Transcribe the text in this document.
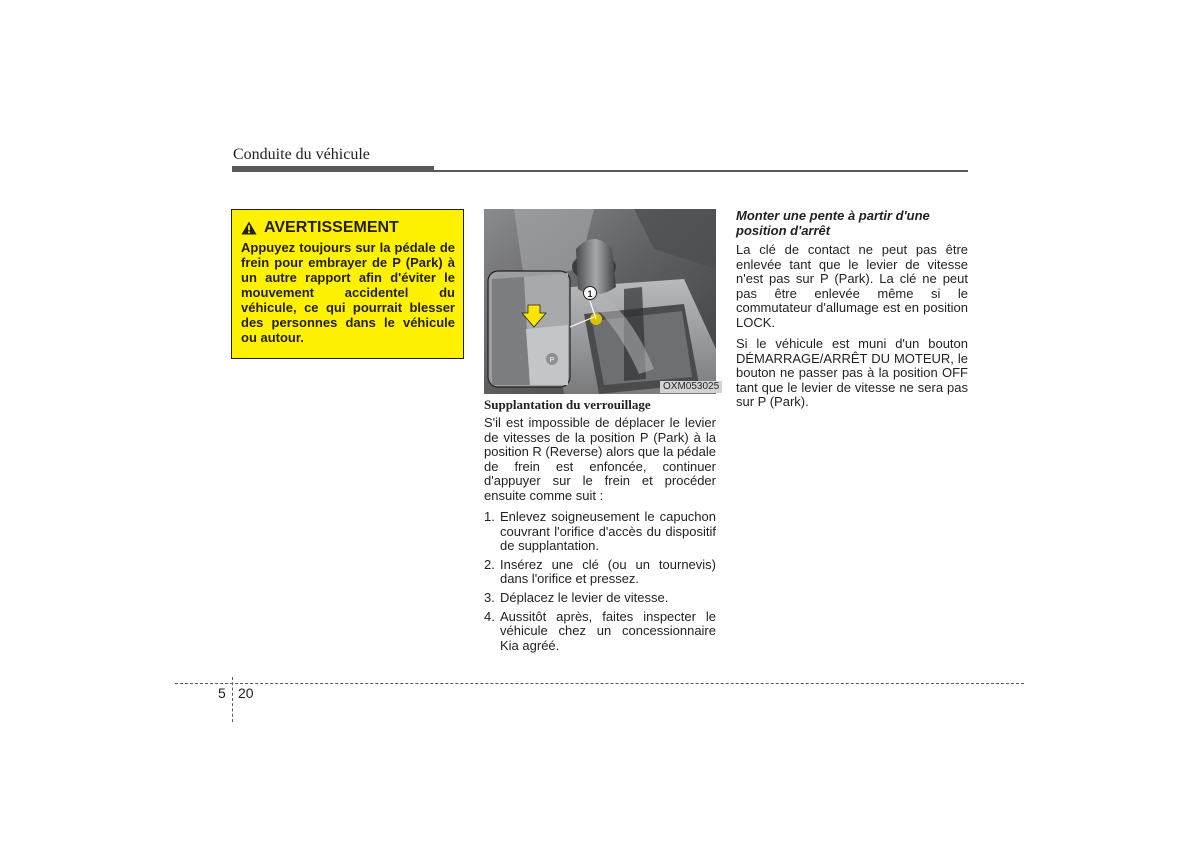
Conduite du véhicule
AVERTISSEMENT
Appuyez toujours sur la pédale de frein pour embrayer de P (Park) à un autre rapport afin d'éviter le mouvement accidentel du véhicule, ce qui pourrait blesser des personnes dans le véhicule ou autour.
1
P
OXM053025
Supplantation du verrouillage
S'il est impossible de déplacer le levier de vitesses de la position P (Park) à la position R (Reverse) alors que la pédale de frein est enfoncée, continuer d'appuyer sur le frein et procéder ensuite comme suit :
1. Enlevez soigneusement le capuchon couvrant l'orifice d'accès du dispositif de supplantation.
2. Insérez une clé (ou un tournevis) dans l'orifice et pressez.
3. Déplacez le levier de vitesse.
4. Aussitôt après, faites inspecter le véhicule chez un concessionnaire Kia agréé.
Monter une pente à partir d'une position d'arrêt
La clé de contact ne peut pas être enlevée tant que le levier de vitesse n'est pas sur P (Park). La clé ne peut pas être enlevée même si le commutateur d'allumage est en position LOCK.
Si le véhicule est muni d'un bouton DÉMARRAGE/ARRÊT DU MOTEUR, le bouton ne passer pas à la position OFF tant que le levier de vitesse ne sera pas sur P (Park).
5 20
